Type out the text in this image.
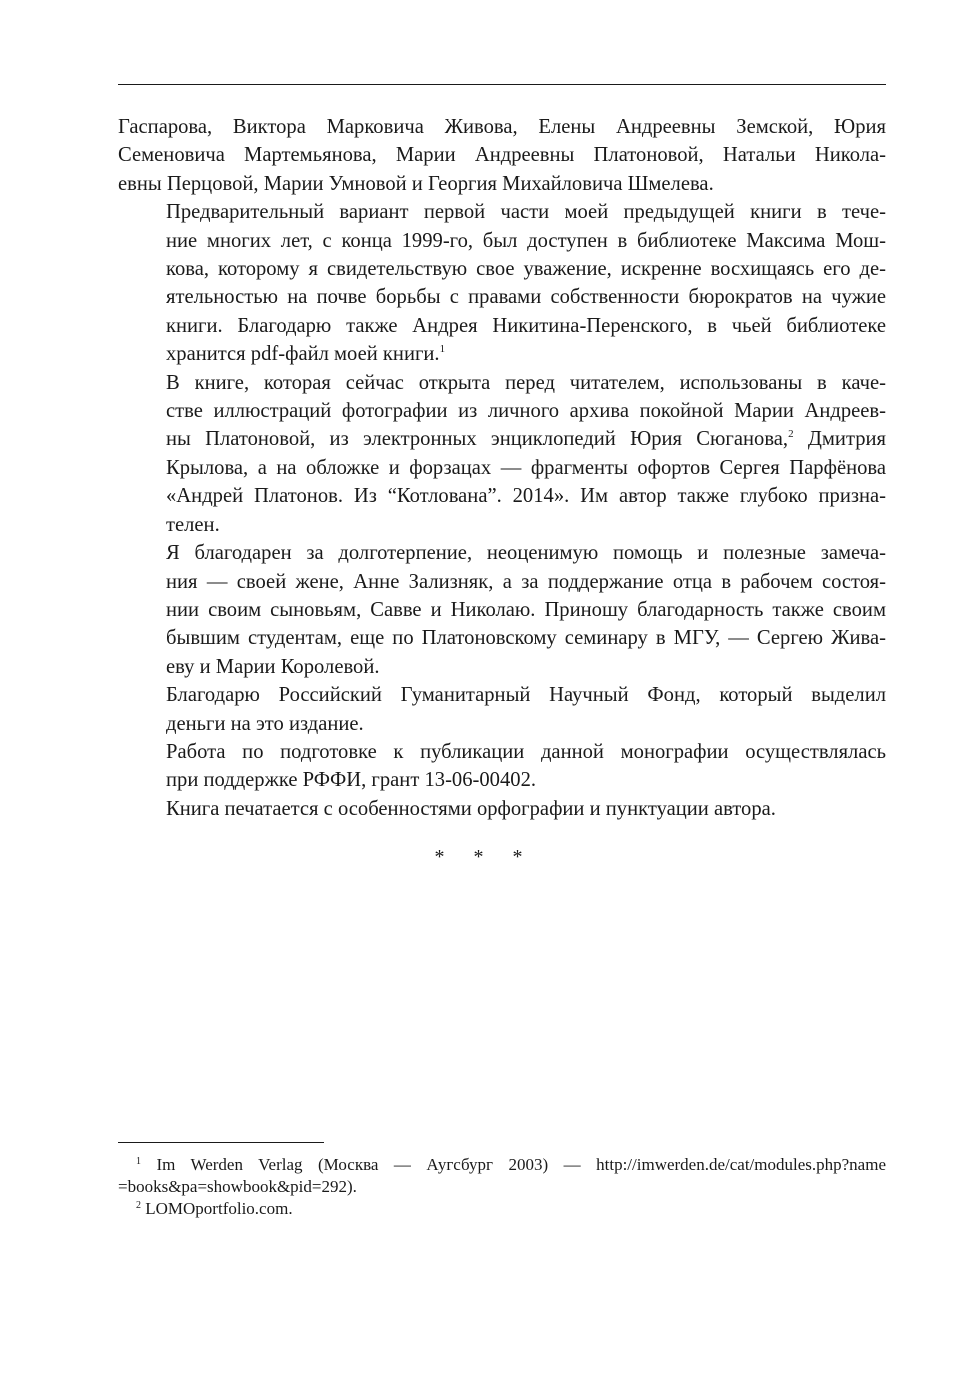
Гаспарова, Виктора Марковича Живова, Елены Андреевны Земской, Юрия
Семеновича Мартемьянова, Марии Андреевны Платоновой, Натальи Никола-
евны Перцовой, Марии Умновой и Георгия Михайловича Шмелева.

Предварительный вариант первой части моей предыдущей книги в тече-
ние многих лет, с конца 1999-го, был доступен в библиотеке Максима Мош-
кова, которому я свидетельствую свое уважение, искренне восхищаясь его де-
ятельностью на почве борьбы с правами собственности бюрократов на чужие
книги. Благодарю также Андрея Никитина-Перенского, в чьей библиотеке
хранится pdf-файл моей книги.$^1$

В книге, которая сейчас открыта перед читателем, использованы в каче-
стве иллюстраций фотографии из личного архива покойной Марии Андреев-
ны Платоновой, из электронных энциклопедий Юрия Сюганова,$^2$ Дмитрия
Крылова, а на обложке и форзацах — фрагменты офортов Сергея Парфёнова
«Андрей Платонов. Из “Котлована”. 2014». Им автор также глубоко призна-
телен.

Я благодарен за долготерпение, неоценимую помощь и полезные замеча-
ния — своей жене, Анне Зализняк, а за поддержание отца в рабочем состоя-
нии своим сыновьям, Савве и Николаю. Приношу благодарность также своим
бывшим студентам, еще по Платоновскому семинару в МГУ, — Сергею Жива-
еву и Марии Королевой.

Благодарю Российский Гуманитарный Научный Фонд, который выделил
деньги на это издание.

Работа по подготовке к публикации данной монографии осуществлялась
при поддержке РФФИ, грант 13-06-00402.

Книга печатается с особенностями орфографии и пунктуации автора.

* * *

$^1$ Im Werden Verlag (Москва — Аугсбург 2003) — http://imwerden.de/cat/modules.php?name
=books&pa=showbook&pid=292).

$^2$ LOMOportfolio.com.
